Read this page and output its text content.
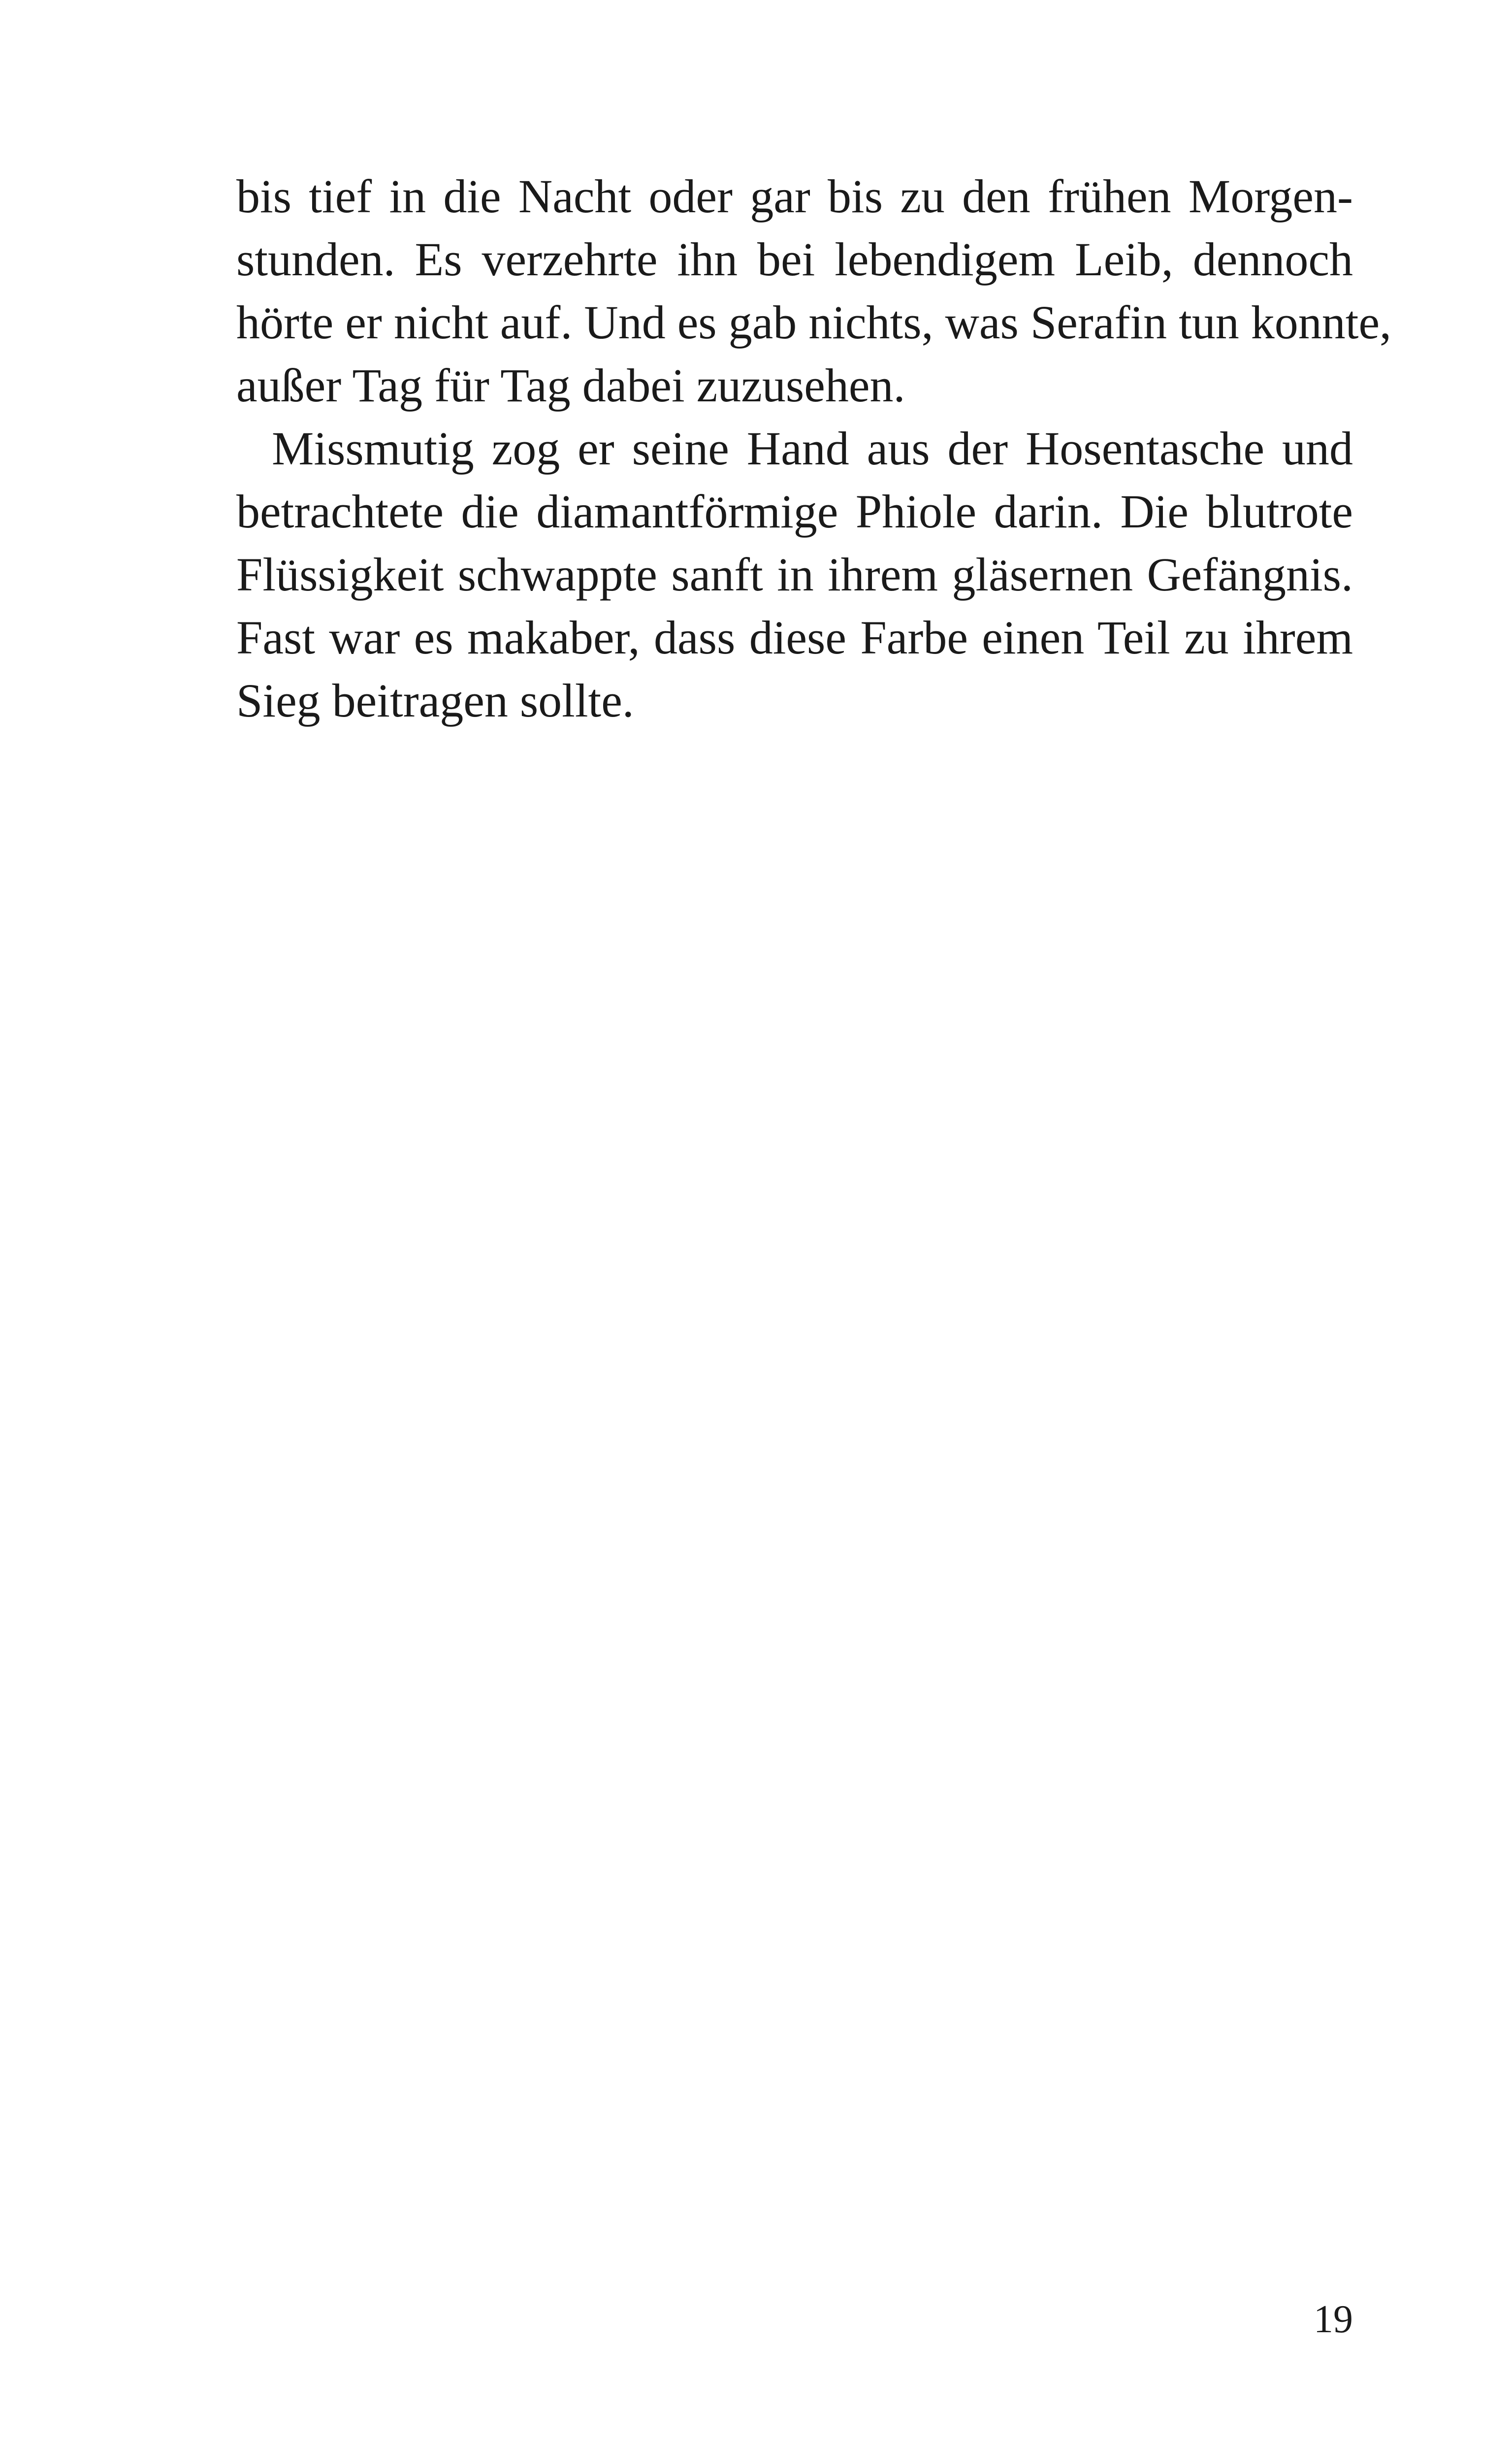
bis tief in die Nacht oder gar bis zu den frühen Morgen-
stunden. Es verzehrte ihn bei lebendigem Leib, dennoch
hörte er nicht auf. Und es gab nichts, was Serafin tun konnte,
außer Tag für Tag dabei zuzusehen.
Missmutig zog er seine Hand aus der Hosentasche und
betrachtete die diamantförmige Phiole darin. Die blutrote
Flüssigkeit schwappte sanft in ihrem gläsernen Gefängnis.
Fast war es makaber, dass diese Farbe einen Teil zu ihrem
Sieg beitragen sollte.
19
